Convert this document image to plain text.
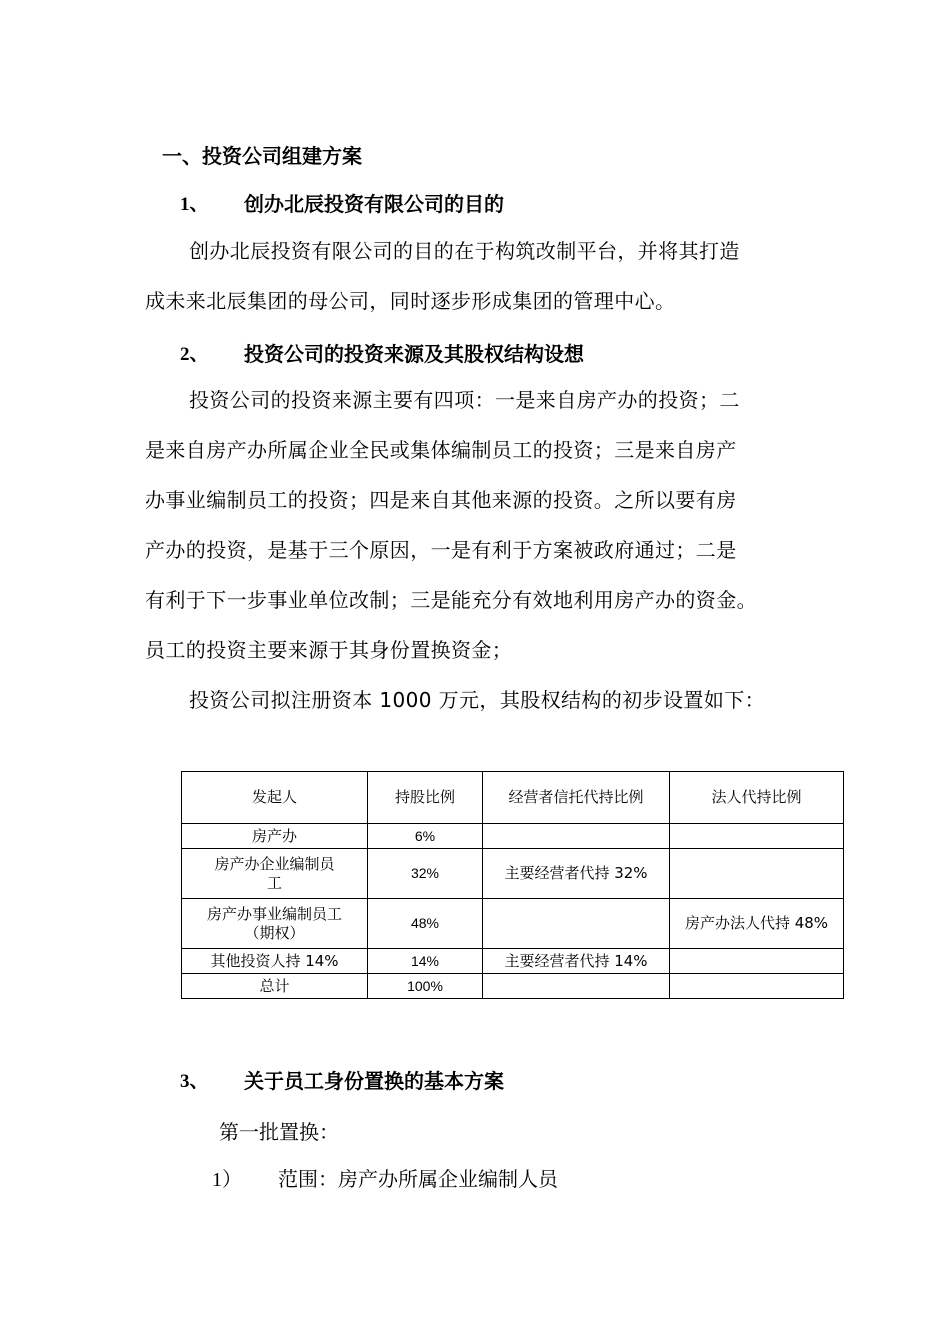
一、投资公司组建方案
1、 创办北辰投资有限公司的目的
创办北辰投资有限公司的目的在于构筑改制平台，并将其打造
成未来北辰集团的母公司，同时逐步形成集团的管理中心。
2、 投资公司的投资来源及其股权结构设想
投资公司的投资来源主要有四项：一是来自房产办的投资；二
是来自房产办所属企业全民或集体编制员工的投资；三是来自房产
办事业编制员工的投资；四是来自其他来源的投资。之所以要有房
产办的投资，是基于三个原因，一是有利于方案被政府通过；二是
有利于下一步事业单位改制；三是能充分有效地利用房产办的资金。
员工的投资主要来源于其身份置换资金；
投资公司拟注册资本 1000 万元，其股权结构的初步设置如下：
发起人	持股比例	经营者信托代持比例	法人代持比例
房产办	6%		
房产办企业编制员工	32%	主要经营者代持 32%	
房产办事业编制员工（期权）	48%		房产办法人代持 48%
其他投资人持 14%	14%	主要经营者代持 14%	
总计	100%		
3、 关于员工身份置换的基本方案
第一批置换：
1） 范围：房产办所属企业编制人员
